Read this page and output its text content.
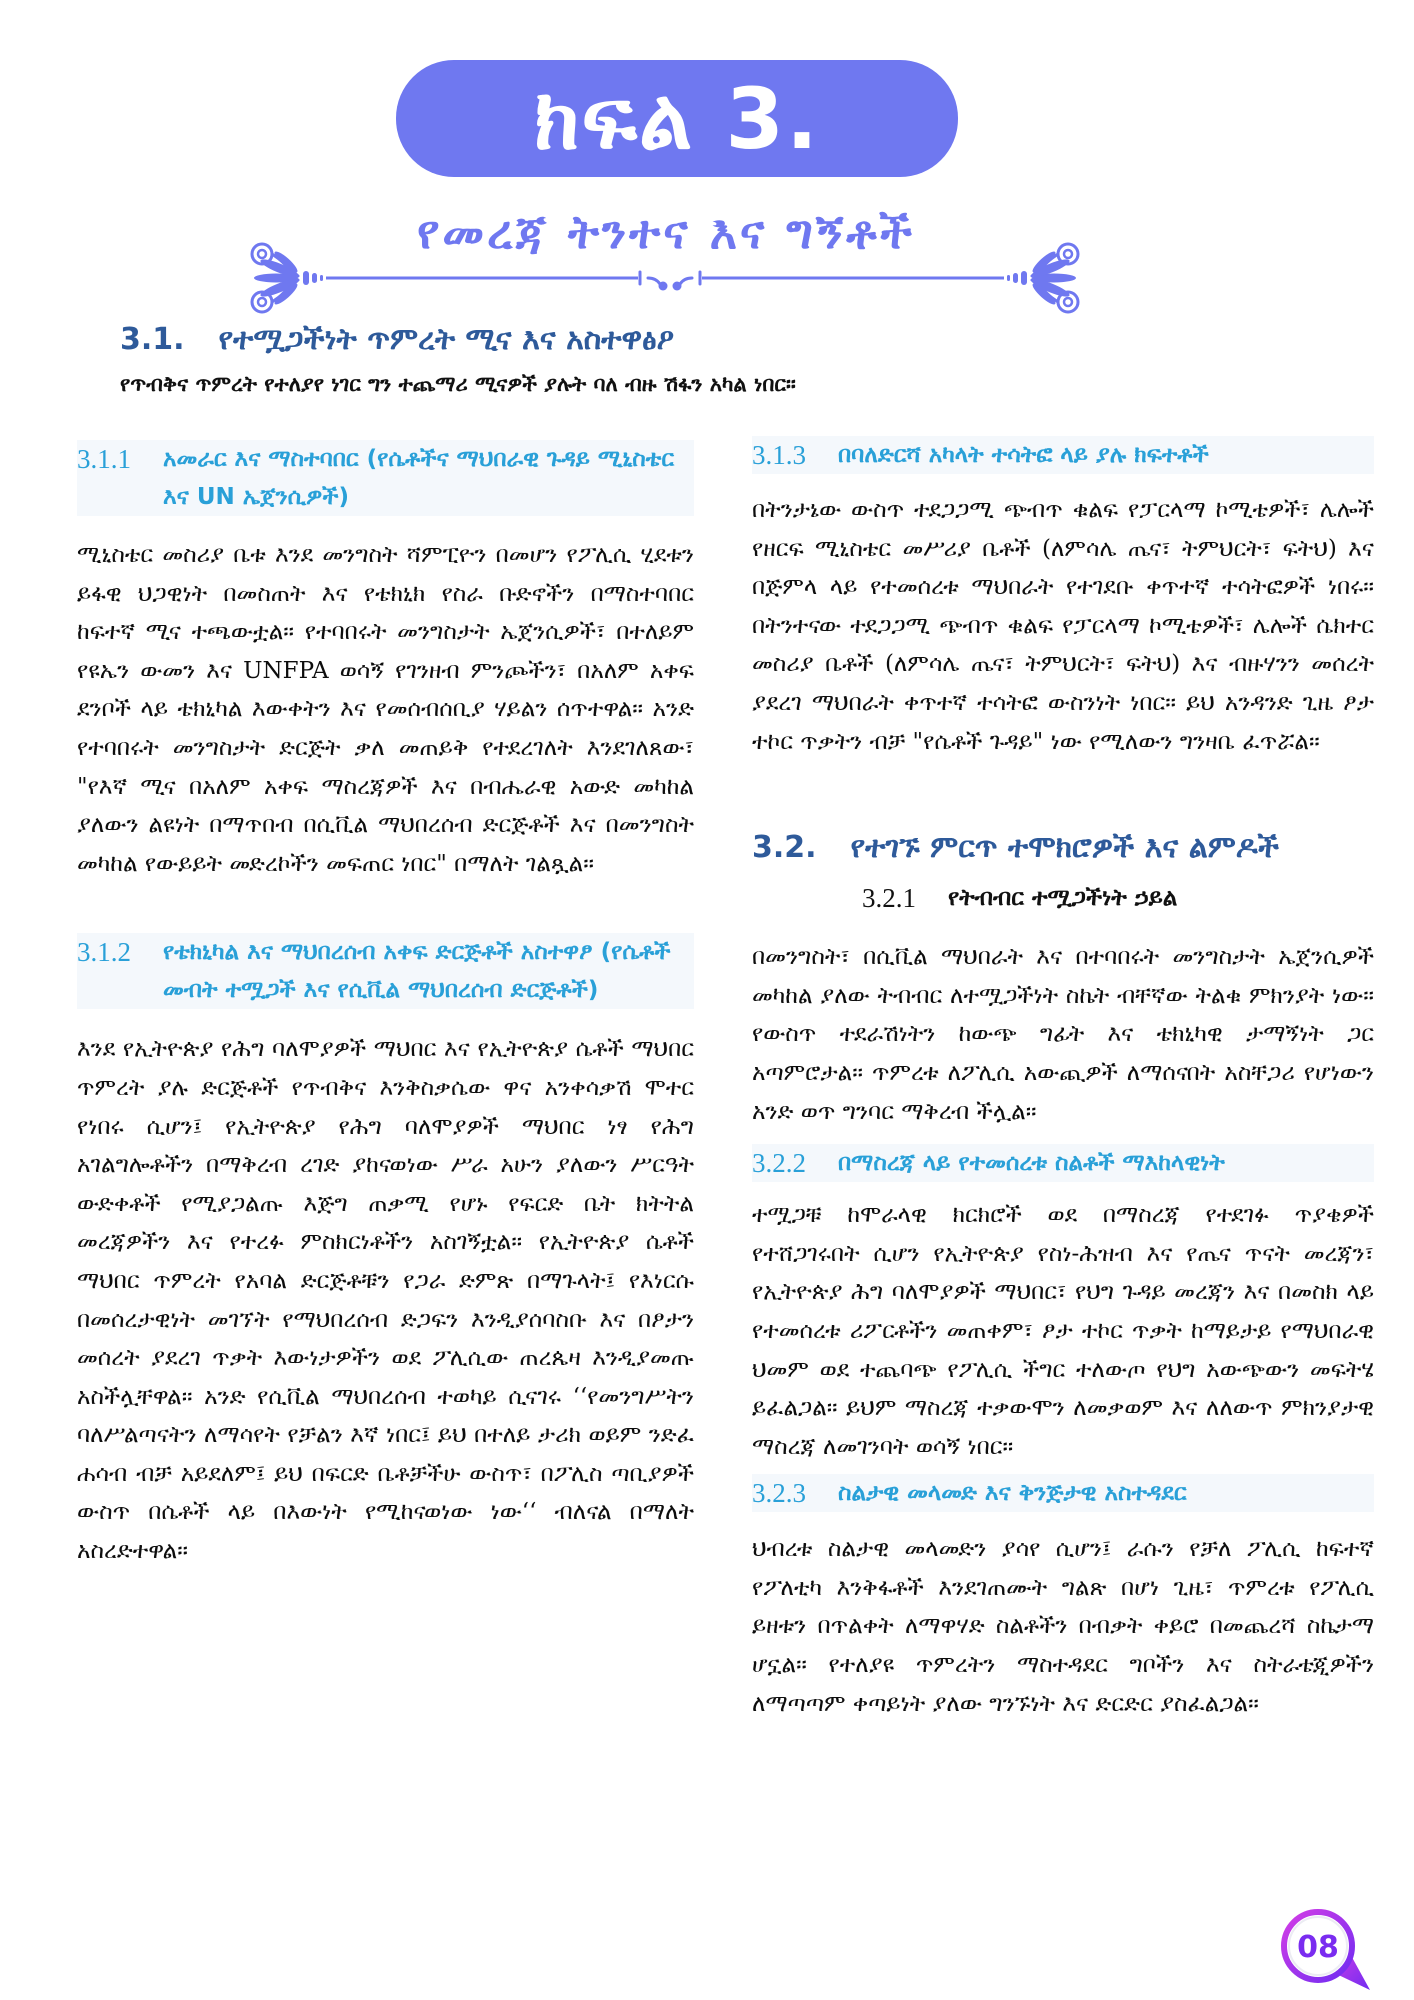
ክፍል 3.
የመረጃ ትንተና እና ግኝቶች
3.1. የተሟጋችነት ጥምረት ሚና እና አስተዋፅዖ
የጥብቅና ጥምረት የተለያየ ነገር ግን ተጨማሪ ሚናዎች ያሉት ባለ ብዙ ሽፋን አካል ነበር።
3.1.1	አመራር እና ማስተባበር (የሴቶችና ማህበራዊ ጉዳይ ሚኒስቴር እና UN ኤጀንሲዎች)

ሚኒስቴር መስሪያ ቤቱ እንደ መንግስት ሻምፒዮን በመሆን የፖሊሲ ሂደቱን ይፋዊ ህጋዊነት በመስጠት እና የቴክኒክ የስራ ቡድኖችን በማስተባበር ከፍተኛ ሚና ተጫውቷል። የተባበሩት መንግስታት ኤጀንሲዎች፣ በተለይም የዩኤን ውመን እና UNFPA ወሳኝ የገንዘብ ምንጮችን፣ በአለም አቀፍ ደንቦች ላይ ቴክኒካል እውቀትን እና የመሰብሰቢያ ሃይልን ሰጥተዋል። አንድ የተባበሩት መንግስታት ድርጅት ቃለ መጠይቅ የተደረገለት እንደገለጸው፣ "የእኛ ሚና በአለም አቀፍ ማስረጃዎች እና በብሔራዊ አውድ መካከል ያለውን ልዩነት በማጥበብ በሲቪል ማህበረሰብ ድርጅቶች እና በመንግስት መካከል የውይይት መድረኮችን መፍጠር ነበር" በማለት ገልጿል።

3.1.2	የቴክኒካል እና ማህበረሰብ አቀፍ ድርጅቶች አስተዋፆ (የሴቶች መብት ተሟጋች እና የሲቪል ማህበረሰብ ድርጅቶች)

እንደ የኢትዮጵያ የሕግ ባለሞያዎች ማህበር እና የኢትዮጵያ ሴቶች ማህበር ጥምረት ያሉ ድርጅቶች የጥብቅና እንቅስቃሴው ዋና አንቀሳቃሽ ሞተር የነበሩ ሲሆን፤ የኢትዮጵያ የሕግ ባለሞያዎች ማህበር ነፃ የሕግ አገልግሎቶችን በማቅረብ ረገድ ያከናወነው ሥራ አሁን ያለውን ሥርዓት ውድቀቶች የሚያጋልጡ እጅግ ጠቃሚ የሆኑ የፍርድ ቤት ክትትል መረጃዎችን እና የተረፉ ምስክርነቶችን አስገኝቷል። የኢትዮጵያ ሴቶች ማህበር ጥምረት የአባል ድርጅቶቹን የጋራ ድምጽ በማጉላት፤ የእነርሱ በመሰረታዊነት መገኘት የማህበረሰብ ድጋፍን እንዲያሰባስቡ እና በፆታን መሰረት ያደረገ ጥቃት እውነታዎችን ወደ ፖሊሲው ጠረጴዛ እንዲያመጡ አስችሏቸዋል። አንድ የሲቪል ማህበረሰብ ተወካይ ሲናገሩ ‘‘የመንግሥትን ባለሥልጣናትን ለማሳየት የቻልን እኛ ነበር፤ ይህ በተለይ ታሪክ ወይም ንድፈ ሐሳብ ብቻ አይደለም፤ ይህ በፍርድ ቤቶቻችሁ ውስጥ፣ በፖሊስ ጣቢያዎች ውስጥ በሴቶች ላይ በእውነት የሚከናወነው ነው‘‘ ብለናል በማለት አስረድተዋል።

3.1.3	በባለድርሻ አካላት ተሳትፎ ላይ ያሉ ክፍተቶች

በትንታኔው ውስጥ ተደጋጋሚ ጭብጥ ቁልፍ የፓርላማ ኮሚቴዎች፣ ሌሎች የዘርፍ ሚኒስቴር መሥሪያ ቤቶች (ለምሳሌ ጤና፣ ትምህርት፣ ፍትህ) እና በጅምላ ላይ የተመሰረቱ ማህበራት የተገደቡ ቀጥተኛ ተሳትፎዎች ነበሩ። በትንተናው ተደጋጋሚ ጭብጥ ቁልፍ የፓርላማ ኮሚቴዎች፣ ሌሎች ሴክተር መስሪያ ቤቶች (ለምሳሌ ጤና፣ ትምህርት፣ ፍትህ) እና ብዙሃንን መሰረት ያደረገ ማህበራት ቀጥተኛ ተሳትፎ ውስንነት ነበር። ይህ አንዳንድ ጊዜ ፆታ ተኮር ጥቃትን ብቻ "የሴቶች ጉዳይ" ነው የሚለውን ግንዛቤ ፈጥሯል።

3.2. የተገኙ ምርጥ ተሞክሮዎች እና ልምዶች
3.2.1	የትብብር ተሟጋችነት ኃይል

በመንግስት፣ በሲቪል ማህበራት እና በተባበሩት መንግስታት ኤጀንሲዎች መካከል ያለው ትብብር ለተሟጋችነት ስኬት ብቸኛው ትልቁ ምክንያት ነው። የውስጥ ተደራሽነትን ከውጭ ግፊት እና ቴክኒካዊ ታማኝነት ጋር አጣምሮታል። ጥምረቱ ለፖሊሲ አውጪዎች ለማሰናበት አስቸጋሪ የሆነውን አንድ ወጥ ግንባር ማቅረብ ችሏል።

3.2.2	በማስረጃ ላይ የተመሰረቱ ስልቶች ማእከላዊነት

ተሟጋቹ ከሞራላዊ ክርክሮች ወደ በማስረጃ የተደገፉ ጥያቄዎች የተሸጋገሩበት ሲሆን የኢትዮጵያ የስነ-ሕዝብ እና የጤና ጥናት መረጃን፣ የኢትዮጵያ ሕግ ባለሞያዎች ማህበር፣ የህግ ጉዳይ መረጃን እና በመስክ ላይ የተመሰረቱ ሪፖርቶችን መጠቀም፣ ፆታ ተኮር ጥቃት ከማይታይ የማህበራዊ ህመም ወደ ተጨባጭ የፖሊሲ ችግር ተለውጦ የህግ አውጭውን መፍትሄ ይፈልጋል። ይህም ማስረጃ ተቃውሞን ለመቃወም እና ለለውጥ ምክንያታዊ ማስረጃ ለመገንባት ወሳኝ ነበር።

3.2.3	ስልታዊ መላመድ እና ቅንጅታዊ አስተዳደር

ህብረቱ ስልታዊ መላመድን ያሳየ ሲሆን፤ ራሱን የቻለ ፖሊሲ ከፍተኛ የፖለቲካ እንቅፋቶች እንደገጠሙት ግልጽ በሆነ ጊዜ፣ ጥምረቱ የፖሊሲ ይዘቱን በጥልቀት ለማዋሃድ ስልቶችን በብቃት ቀይሮ በመጨረሻ ስኬታማ ሆኗል። የተለያዩ ጥምረትን ማስተዳደር ግቦችን እና ስትራቴጂዎችን ለማጣጣም ቀጣይነት ያለው ግንኙነት እና ድርድር ያስፈልጋል።

08
